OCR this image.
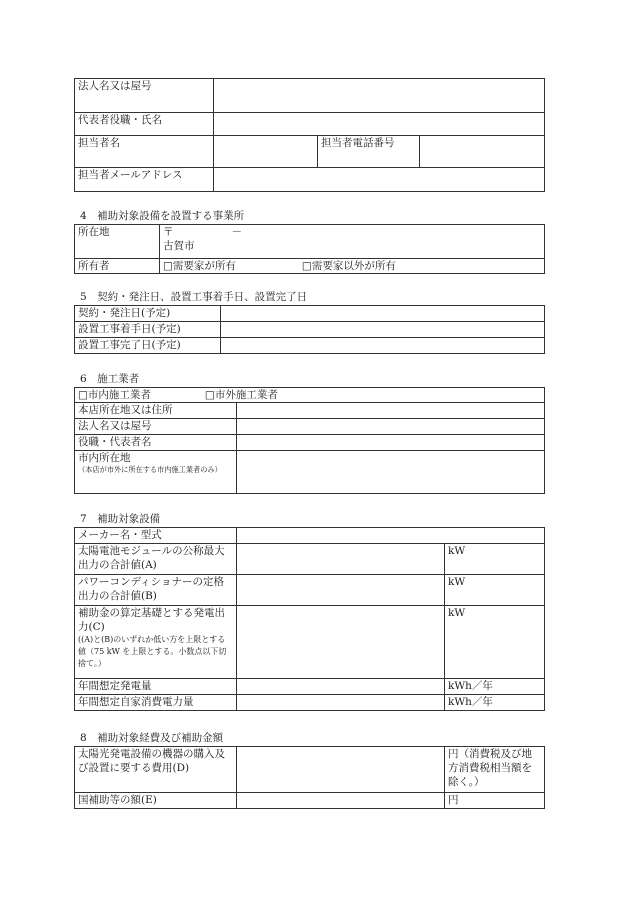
法人名又は屋号			
代表者役職・氏名			
担当者名		担当者電話番号	
担当者メールアドレス			
4　補助対象設備を設置する事業所
所在地	〒 －
古賀市

所有者	□需要家が所有 □需要家以外が所有
5　契約・発注日、設置工事着手日、設置完了日
契約・発注日(予定)	
設置工事着手日(予定)	
設置工事完了日(予定)	
6　施工業者
□市内施工業者 □市外施工業者	
本店所在地又は住所	
法人名又は屋号	
役職・代表者名	

市内所在地
（本店が市外に所在する市内施工業者のみ）	

7　補助対象設備
メーカー名・型式		
太陽電池モジュールの公称最大出力の合計値(A)		kW
パワーコンディショナーの定格出力の合計値(B)		kW

補助金の算定基礎とする発電出力(C)
((A)と(B)のいずれか低い方を上限とする値（75 kW を上限とする。小数点以下切捨て。）		kW
年間想定発電量		kWh／年
年間想定自家消費電力量		kWh／年
8　補助対象経費及び補助金額
太陽光発電設備の機器の購入及び設置に要する費用(D)		円（消費税及び地方消費税相当額を除く。）
国補助等の額(E)		円
